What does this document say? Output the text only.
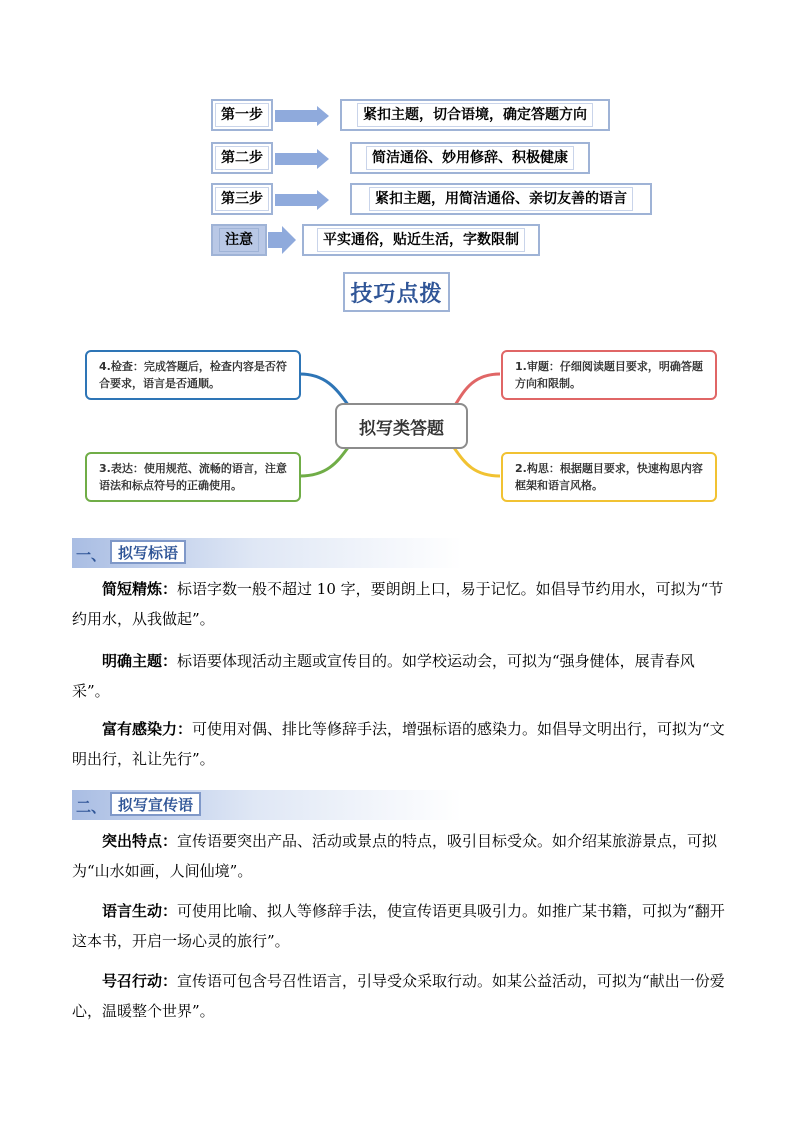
第一步	紧扣主题，切合语境，确定答题方向
第二步	简洁通俗、妙用修辞、积极健康
第三步	紧扣主题，用简洁通俗、亲切友善的语言
注意	平实通俗，贴近生活，字数限制
技巧点拨
4.检查：完成答题后，检查内容是否符合要求，语言是否通顺。
1.审题：仔细阅读题目要求，明确答题方向和限制。
3.表达：使用规范、流畅的语言，注意语法和标点符号的正确使用。
2.构思：根据题目要求，快速构思内容框架和语言风格。
拟写类答题
一、 拟写标语
简短精炼：标语字数一般不超过 10 字，要朗朗上口，易于记忆。如倡导节约用水，可拟为“节约用水，从我做起”。
明确主题：标语要体现活动主题或宣传目的。如学校运动会，可拟为“强身健体，展青春风采”。
富有感染力：可使用对偶、排比等修辞手法，增强标语的感染力。如倡导文明出行，可拟为“文明出行，礼让先行”。
二、 拟写宣传语
突出特点：宣传语要突出产品、活动或景点的特点，吸引目标受众。如介绍某旅游景点，可拟为“山水如画，人间仙境”。
语言生动：可使用比喻、拟人等修辞手法，使宣传语更具吸引力。如推广某书籍，可拟为“翻开这本书，开启一场心灵的旅行”。
号召行动：宣传语可包含号召性语言，引导受众采取行动。如某公益活动，可拟为“献出一份爱心，温暖整个世界”。
